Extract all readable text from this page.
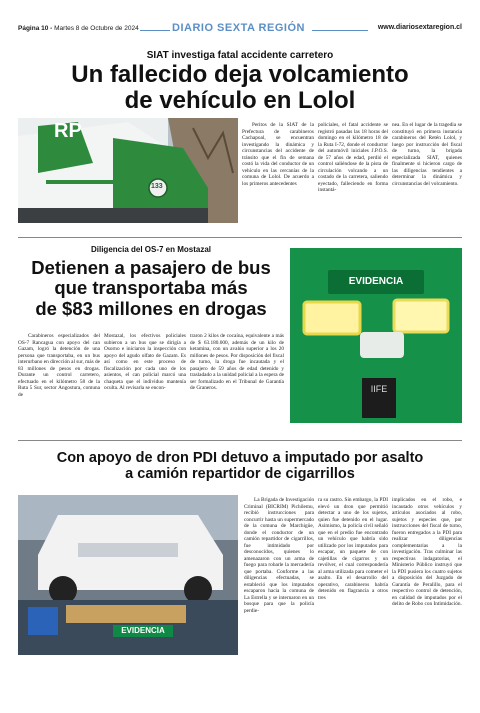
Página 10 - Martes 8 de Octubre de 2024	DIARIO SEXTA REGIÓN	www.diariosextaregion.cl
SIAT investiga fatal accidente carretero
Un fallecido deja volcamiento
de vehículo en Lolol
RP
133

Peritos de la SIAT de la Prefectura de carabineros Cachapoal, se encuentran investigando la dinámica y circunstancias del accidente de tránsito que el fin de semana costó la vida del conductor de un vehículo en las cercanías de la comuna de Lolol. De acuerdo a los primeros antecedentes

policiales, el fatal accidente se registró pasadas las 18 horas del domingo en el kilómetro 18 de la Ruta I-72, donde el conductor del automóvil iniciales J.P.O.S. de 57 años de edad, perdió el control saliéndose de la pista de circulación volcando a un costado de la carretera, saliendo eyectado, falleciendo en forma instantá-

nea. En el lugar de la tragedia se constituyó en primera instancia carabineros del Retén Lolol, y luego por instrucción del fiscal de turno, la brigada especializada SIAT, quienes finalmente si hicieron cargo de las diligencias tendientes a determinar la dinámica y circunstancias del volcamiento.

Diligencia del OS-7 en Mostazal
Detienen a pasajero de bus
que transportaba más
de $83 millones en drogas
EVIDENCIA
IIFE

Carabineros especializados del OS-7 Rancagua con apoyo del can Gazam, logró la detención de una persona que transportaba, en un bus interurbano en dirección al sur, más de 83 millones de pesos en drogas. Durante un control carretero, efectuado en el kilómetro 58 de la Ruta 5 Sur, sector Angostura, comuna de

Mostazal, los efectivos policiales subieron a un bus que se dirigía a Osorno e iniciaron la inspección con apoyo del agudo olfato de Gazam. Es así como en este proceso de fiscalización por cada uno de los asientos, el can policial marcó una chaqueta que el individuo mantenía oculta. Al revisarla se encon-

traron 2 kilos de cocaína, equivalente a más de $ 63.180.000, además de un kilo de ketamina, con un avalúo superior a los 20 millones de pesos. Por disposición del fiscal de turno, la droga fue incautada y el pasajero de 59 años de edad detenido y trasladado a la unidad policial a la espera de ser formalizado en el Tribunal de Garantía de Graneros.

Con apoyo de dron PDI detuvo a imputado por asalto
a camión repartidor de cigarrillos
EVIDENCIA

La Brigada de Investigación Criminal (BICRIM) Pichilemu, recibió instrucciones para concurrir hasta un supermercado de la comuna de Marchigüe, donde el conductor de un camión repartidor de cigarrillos, fue intimidado por desconocidos, quienes lo amenazaron con un arma de fuego para robarle la mercadería que portaba. Conforme a las diligencias efectuadas, se estableció que los imputados escaparon hacia la comuna de La Estrella y se internaron en un bosque para que la policía perdie-

ra su rastro. Sin embargo, la PDI elevó un dron que permitió detectar a uno de los sujetos, quien fue detenido en el lugar. Asimismo, la policía civil señaló que en el predio fue encontrado un vehículo que habría sido utilizado por los imputados para escapar, un paquete de con cajetillas de cigarros y un revólver, el cual correspondería al arma utilizada para cometer el asalto. En el desarrollo del operativo, carabineros habría detenido en flagrancia a otros tres

implicados en el robo, e incautado otros vehículos y artículos asociados al robo, sujetos y especies que, por instrucciones del fiscal de turno, fueron entregados a la PDI para realizar diligencias complementarias a la investigación. Tras culminar las respectivas indagatorias, el Ministerio Público instruyó que la PDI pusiera los cuatro sujetos a disposición del Juzgado de Garantía de Peralillo, para el respectivo control de detención, en calidad de imputados por el delito de Robo con Intimidación.
